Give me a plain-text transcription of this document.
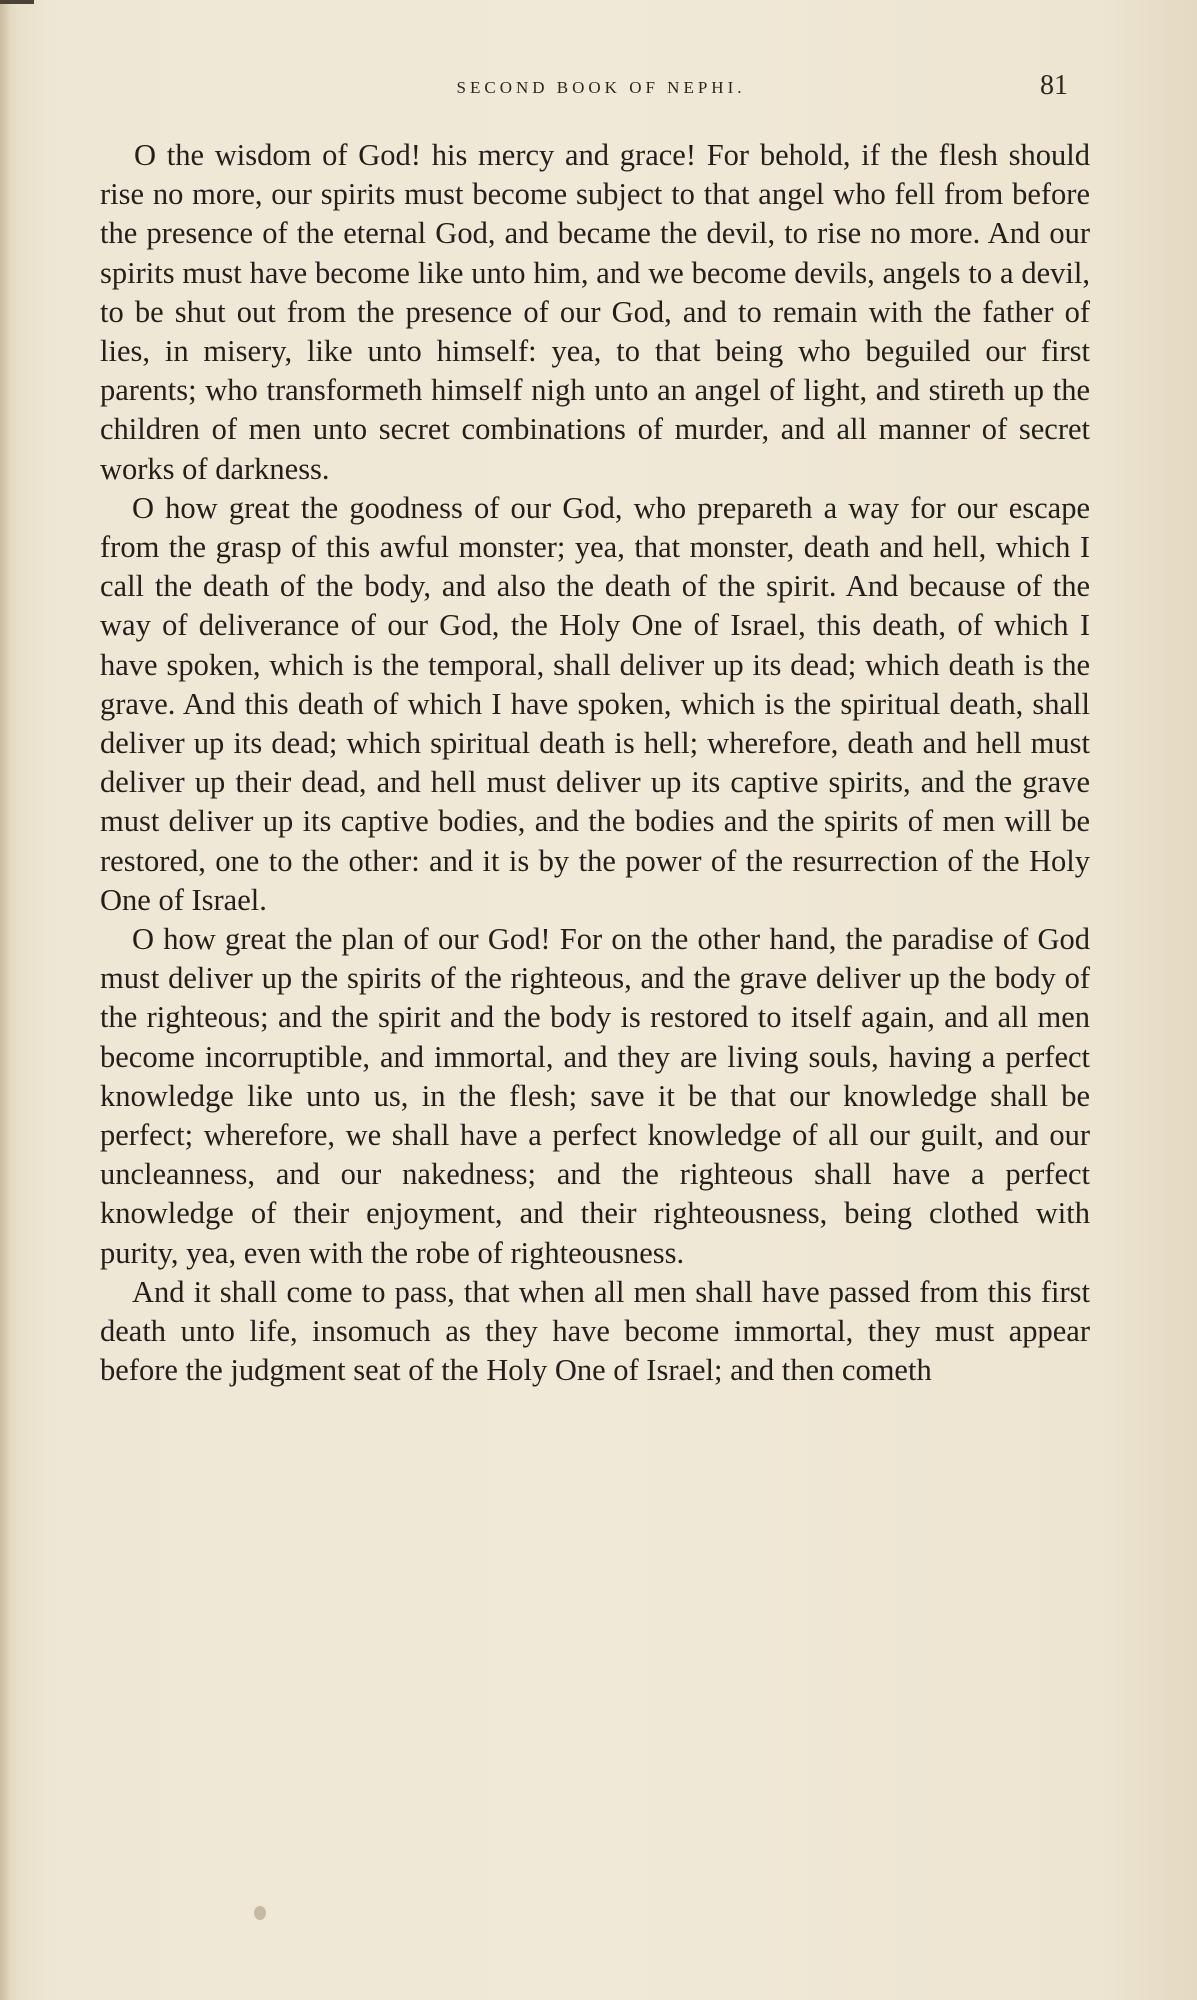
SECOND BOOK OF NEPHI.	81

O the wisdom of God! his mercy and grace! For behold, if the flesh should rise no more, our spirits must become subject to that angel who fell from before the presence of the eternal God, and became the devil, to rise no more. And our spirits must have become like unto him, and we become devils, angels to a devil, to be shut out from the presence of our God, and to remain with the father of lies, in misery, like unto himself: yea, to that being who beguiled our first parents; who transformeth himself nigh unto an angel of light, and stireth up the children of men unto secret combinations of murder, and all manner of secret works of darkness.

O how great the goodness of our God, who prepareth a way for our escape from the grasp of this awful monster; yea, that monster, death and hell, which I call the death of the body, and also the death of the spirit. And because of the way of deliverance of our God, the Holy One of Israel, this death, of which I have spoken, which is the temporal, shall deliver up its dead; which death is the grave. And this death of which I have spoken, which is the spiritual death, shall deliver up its dead; which spiritual death is hell; wherefore, death and hell must deliver up their dead, and hell must deliver up its captive spirits, and the grave must deliver up its captive bodies, and the bodies and the spirits of men will be restored, one to the other: and it is by the power of the resurrection of the Holy One of Israel.

O how great the plan of our God! For on the other hand, the paradise of God must deliver up the spirits of the righteous, and the grave deliver up the body of the righteous; and the spirit and the body is restored to itself again, and all men become incorruptible, and immortal, and they are living souls, having a perfect knowledge like unto us, in the flesh; save it be that our knowledge shall be perfect; wherefore, we shall have a perfect knowledge of all our guilt, and our uncleanness, and our nakedness; and the righteous shall have a perfect knowledge of their enjoyment, and their righteousness, being clothed with purity, yea, even with the robe of righteousness.

And it shall come to pass, that when all men shall have passed from this first death unto life, insomuch as they have become immortal, they must appear before the judgment seat of the Holy One of Israel; and then cometh
